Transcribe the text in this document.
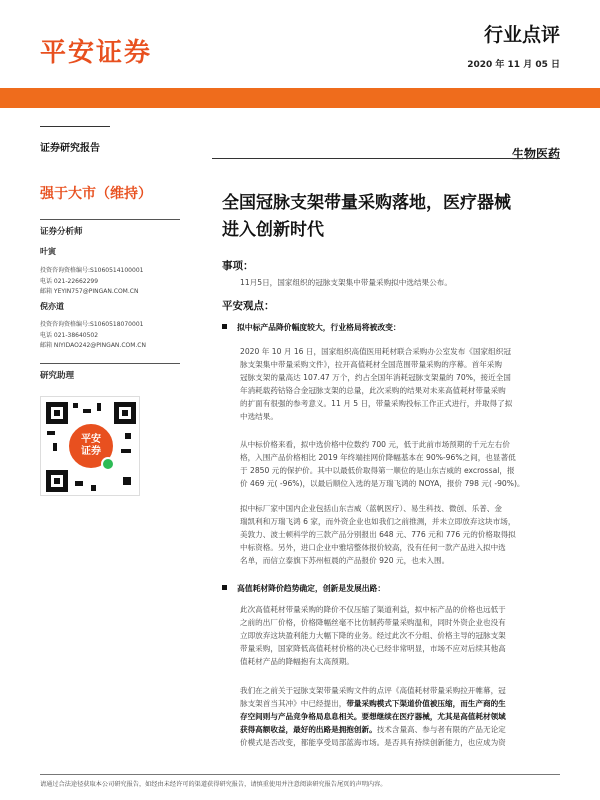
平安证券
行业点评
2020 年 11 月 05 日
证券研究报告	生物医药
强于大市（维持）
证券分析师
叶寅
投资咨询资格编号:S1060514100001
电话 021-22662299
邮箱 YEYIN757@PINGAN.COM.CN
倪亦道
投资咨询资格编号:S1060518070001
电话 021-38640502
邮箱 NIYIDAO242@PINGAN.COM.CN
研究助理
平安
证券
全国冠脉支架带量采购落地，医疗器械
进入创新时代
事项：
11月5日，国家组织的冠脉支架集中带量采购拟中选结果公布。
平安观点：
拟中标产品降价幅度较大，行业格局将被改变：
2020 年 10 月 16 日，国家组织高值医用耗材联合采购办公室发布《国家组织冠
脉支架集中带量采购文件》，拉开高值耗材全国范围带量采购的序幕。首年采购
冠脉支架的量高达 107.47 万个，约占全国年消耗冠脉支架量的 70%，接近全国
年消耗载药钴铬合金冠脉支架的总量，此次采购的结果对未来高值耗材带量采购
的扩面有很强的参考意义。11 月 5 日，带量采购投标工作正式进行，并取得了拟
中选结果。
从中标价格来看，拟中选价格中位数约 700 元，低于此前市场预期的千元左右价
格，入围产品价格相比 2019 年终端挂网价降幅基本在 90%-96%之间，也显著低
于 2850 元的保护价。其中以最低价取得第一顺位的是山东吉威的 excrossal，报
价 469 元( -96%)，以最后顺位入选的是万瑞飞鸿的 NOYA，报价 798 元( -90%)。
拟中标厂家中国内企业包括山东吉威（蓝帆医疗）、易生科技、微创、乐普、金
瑞凯利和万瑞飞鸿 6 家，而外资企业也如我们之前推测，并未立即放弃这块市场，
美敦力、波士顿科学的三款产品分别报出 648 元、776 元和 776 元的价格取得拟
中标资格。另外，进口企业中雅培整体报价较高，没有任何一款产品进入拟中选
名单，而信立泰旗下苏州桓晨的产品报价 920 元，也未入围。
高值耗材降价趋势确定，创新是发展出路：
此次高值耗材带量采购的降价不仅压缩了渠道利益，拟中标产品的价格也远低于
之前的出厂价格，价格降幅丝毫不比仿制药带量采购温和，同时外资企业也没有
立即放弃这块盈利能力大幅下降的业务。经过此次不分组、价格主导的冠脉支架
带量采购，国家降低高值耗材价格的决心已经非常明显，市场不应对后续其他高
值耗材产品的降幅抱有太高预期。
我们在之前关于冠脉支架带量采购文件的点评《高值耗材带量采购拉开帷幕，冠
脉支架首当其冲》中已经提出，带量采购模式下渠道价值被压缩，而生产商的生
存空间则与产品竞争格局息息相关。要想继续在医疗器械，尤其是高值耗材领域
获得高额收益，最好的出路是拥抱创新。技术含量高、参与者有限的产品无论定
价模式是否改变，都能享受局部蓝海市场。是否具有持续创新能力，也应成为资
请通过合法途径获取本公司研究报告，如经由未经许可的渠道获得研究报告，请慎重使用并注意阅读研究报告尾页的声明内容。
